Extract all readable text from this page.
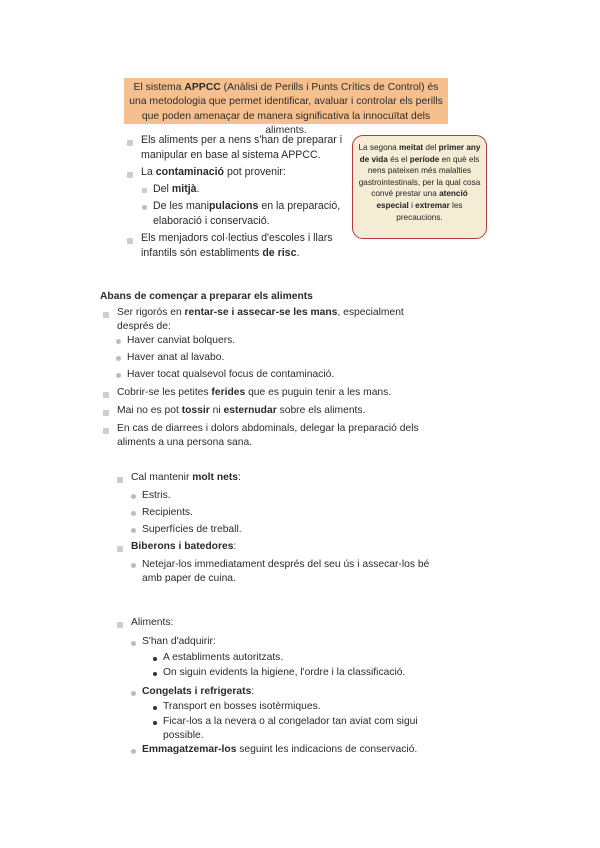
El sistema APPCC (Anàlisi de Perills i Punts Crítics de Control) és una metodologia que permet identificar, avaluar i controlar els perills que poden amenaçar de manera significativa la innocuïtat dels aliments.
La segona meitat del primer any de vida és el període en què els nens pateixen més malalties gastrointestinals, per la qual cosa convé prestar una atenció especial i extremar les precaucions.
Els aliments per a nens s'han de preparar i
manipular en base al sistema APPCC.
La contaminació pot provenir:
Del mitjà.
De les manipulacions en la preparació,
elaboració i conservació.
Els menjadors col·lectius d'escoles i llars
infantils són establiments de risc.
Abans de començar a preparar els aliments
Ser rigorós en rentar-se i assecar-se les mans, especialment
després de:
Haver canviat bolquers.
Haver anat al lavabo.
Haver tocat qualsevol focus de contaminació.
Cobrir-se les petites ferides que es puguin tenir a les mans.
Mai no es pot tossir ni esternudar sobre els aliments.
En cas de diarrees i dolors abdominals, delegar la preparació dels
aliments a una persona sana.
Cal mantenir molt nets:
Estris.
Recipients.
Superfícies de treball.
Biberons i batedores:
Netejar-los immediatament després del seu ús i assecar-los bé
amb paper de cuina.
Aliments:
S'han d'adquirir:
A establiments autoritzats.
On siguin evidents la higiene, l'ordre i la classificació.
Congelats i refrigerats:
Transport en bosses isotèrmiques.
Ficar-los a la nevera o al congelador tan aviat com sigui
possible.
Emmagatzemar-los seguint les indicacions de conservació.
